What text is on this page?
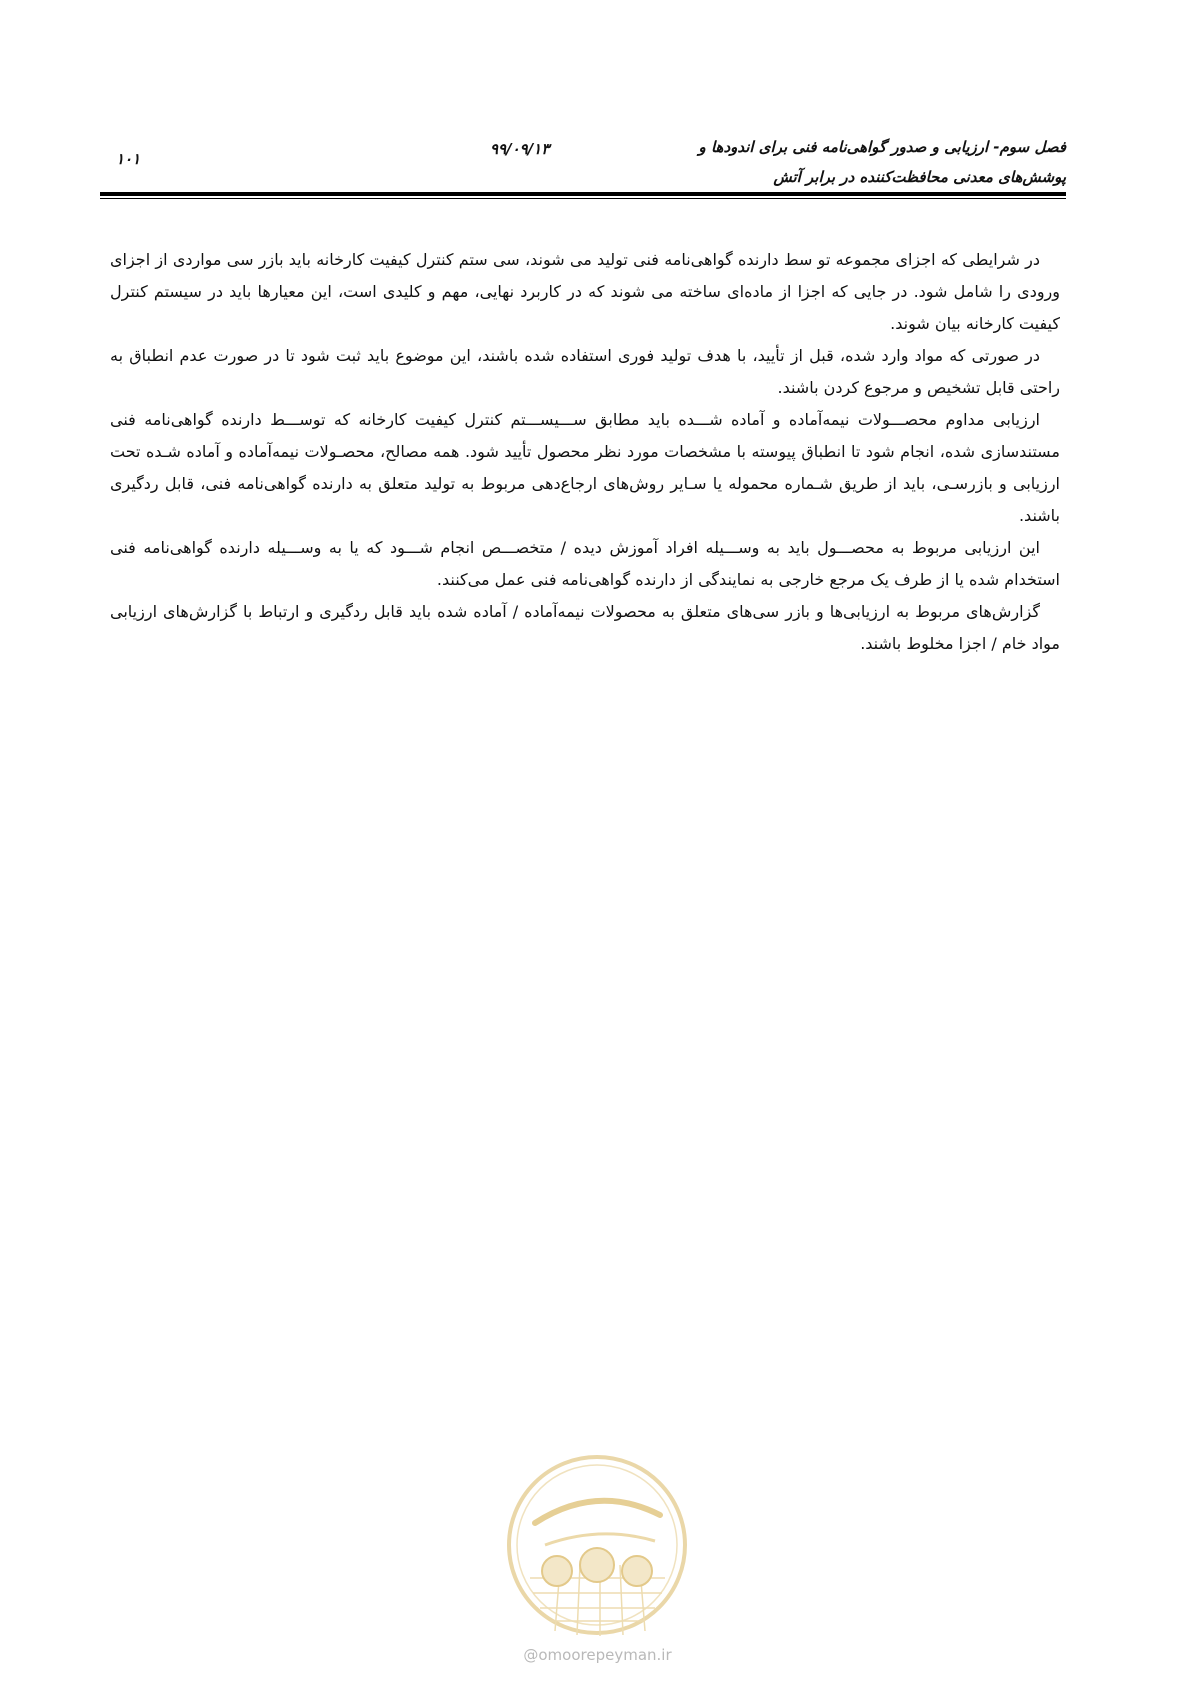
فصل سوم- ارزیابی و صدور گواهی‌نامه فنی برای اندودها و
پوشش‌های معدنی محافظت‌کننده در برابر آتش
۹۹/۰۹/۱۳
۱۰۱

در شرایطی که اجزای مجموعه تو سط دارنده گواهی‌نامه فنی تولید می شوند، سی ستم کنترل کیفیت کارخانه باید بازر سی مواردی از اجزای ورودی را شامل شود. در جایی که اجزا از ماده‌ای ساخته می شوند که در کاربرد نهایی، مهم و کلیدی است، این معیارها باید در سیستم کنترل کیفیت کارخانه بیان شوند.

در صورتی که مواد وارد شده، قبل از تأیید، با هدف تولید فوری استفاده شده باشند، این موضوع باید ثبت شود تا در صورت عدم انطباق به راحتی قابل تشخیص و مرجوع کردن باشند.

ارزیابی مداوم محصـــولات نیمه‌آماده و آماده شـــده باید مطابق ســـیســـتم کنترل کیفیت کارخانه که توســـط دارنده گواهی‌نامه فنی مستندسازی شده، انجام شود تا انطباق پیوسته با مشخصات مورد نظر محصول تأیید شود. همه مصالح، محصـولات نیمه‌آماده و آماده شـده تحت ارزیابی و بازرسـی، باید از طریق شـماره محموله یا سـایر روش‌های ارجاع‌دهی مربوط به تولید متعلق به دارنده گواهی‌نامه فنی، قابل ردگیری باشند.

این ارزیابی مربوط به محصـــول باید به وســـیله افراد آموزش دیده / متخصـــص انجام شـــود که یا به وســـیله دارنده گواهی‌نامه فنی استخدام شده یا از طرف یک مرجع خارجی به نمایندگی از دارنده گواهی‌نامه فنی عمل می‌کنند.

گزارش‌های مربوط به ارزیابی‌ها و بازر سی‌های متعلق به محصولات نیمه‌آماده / آماده شده باید قابل ردگیری و ارتباط با گزارش‌های ارزیابی مواد خام / اجزا مخلوط باشند.

@omoorepeyman.ir
